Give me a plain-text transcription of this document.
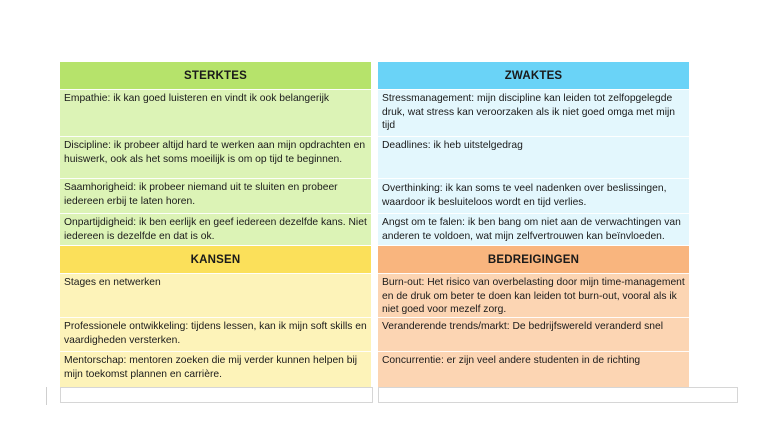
STERKTES
Empathie: ik kan goed luisteren en vindt ik ook belangerijk
Discipline: ik probeer altijd hard te werken aan mijn opdrachten en huiswerk, ook als het soms moeilijk is om op tijd te beginnen.
Saamhorigheid: ik probeer niemand uit te sluiten en probeer iedereen erbij te laten horen.
Onpartijdigheid: ik ben eerlijk en geef iedereen dezelfde kans. Niet iedereen is dezelfde en dat is ok.
ZWAKTES
Stressmanagement: mijn discipline kan leiden tot zelfopgelegde druk, wat stress kan veroorzaken als ik niet goed omga met mijn tijd
Deadlines: ik heb uitstelgedrag
Overthinking: ik kan soms te veel nadenken over beslissingen, waardoor ik besluiteloos wordt en tijd verlies.
Angst om te falen: ik ben bang om niet aan de verwachtingen van anderen te voldoen, wat mijn zelfvertrouwen kan beïnvloeden.
KANSEN
Stages en netwerken
Professionele ontwikkeling: tijdens lessen, kan ik mijn soft skills en vaardigheden versterken.
Mentorschap: mentoren zoeken die mij verder kunnen helpen bij mijn toekomst plannen en carrière.
BEDREIGINGEN
Burn-out: Het risico van overbelasting door mijn time-management en de druk om beter te doen kan leiden tot burn-out, vooral als ik niet goed voor mezelf zorg.
Veranderende trends/markt: De bedrijfswereld veranderd snel
Concurrentie: er zijn veel andere studenten in de richting
